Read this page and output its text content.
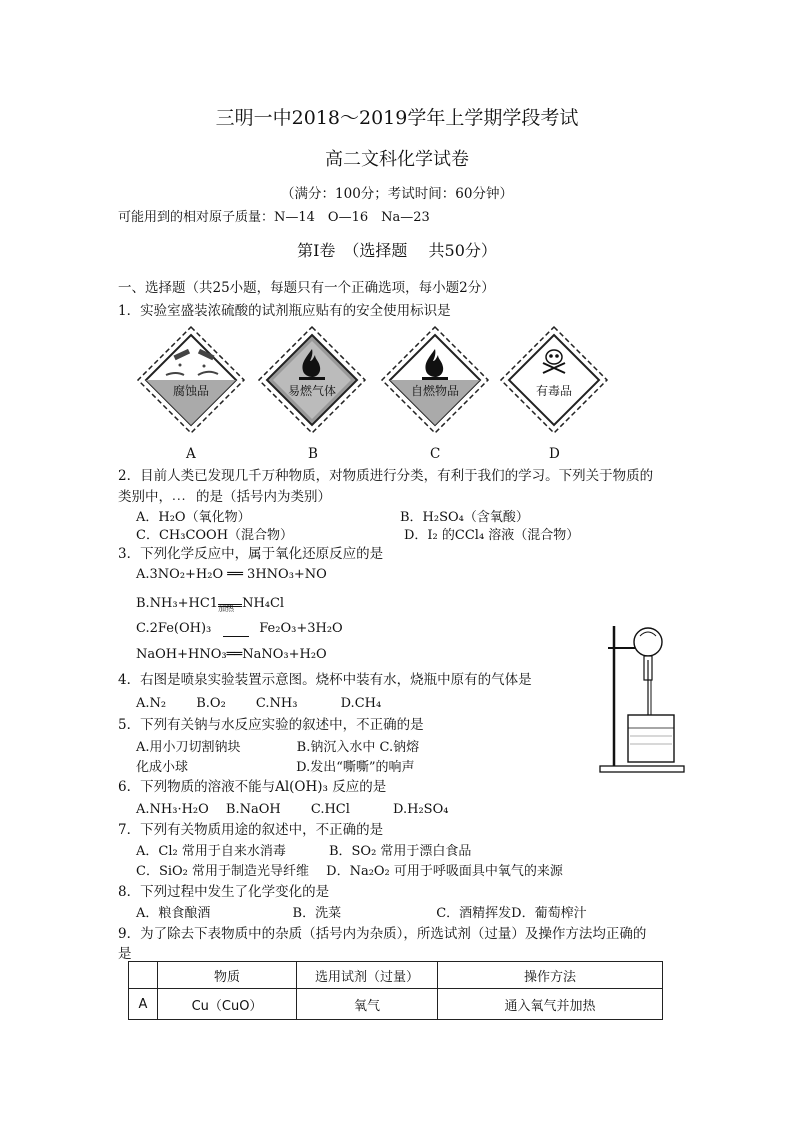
三明一中2018～2019学年上学期学段考试
高二文科化学试卷
（满分：100分；考试时间：60分钟）
可能用到的相对原子质量：N—14　O—16　Na—23
第Ⅰ卷　（选择题　 共50分）
一、选择题（共25小题，每题只有一个正确选项，每小题2分）
1．实验室盛装浓硫酸的试剂瓶应贴有的安全使用标识是
腐蚀品	易燃气体	自燃物品	有毒品
A	B	C	D
2．目前人类已发现几千万种物质，对物质进行分类，有利于我们的学习。下列关于物质的
类别中， 的是（括号内为类别）
A．H₂O（氧化物）	B．H₂SO₄（含氧酸）
C．CH₃COOH（混合物）	D．I₂ 的CCl₄ 溶液（混合物）
3．下列化学反应中，属于氧化还原反应的是
A.3NO₂+H₂O ══ 3HNO₃+NO
B.NH₃+HC1 加热 NH₄Cl
C.2Fe(OH)₃	Fe₂O₃+3H₂O
NaOH+HNO₃══NaNO₃+H₂O
4．右图是喷泉实验装置示意图。烧杯中装有水，烧瓶中原有的气体是
A.N₂　　 B.O₂　　 C.NH₃　　　 D.CH₄
5．下列有关钠与水反应实验的叙述中，不正确的是
A.用小刀切割钠块　　　　 B.钠沉入水中 C.钠熔
化成小球　　　　　　　　 D.发出“嘶嘶”的响声
6．下列物质的溶液不能与Al(OH)₃ 反应的是
A.NH₃·H₂O　 B.NaOH　 　C.HCl　　　 D.H₂SO₄
7．下列有关物质用途的叙述中，不正确的是
A．Cl₂ 常用于自来水消毒　　　 B．SO₂ 常用于漂白食品
C．SiO₂ 常用于制造光导纤维　 D．Na₂O₂ 可用于呼吸面具中氧气的来源
8．下列过程中发生了化学变化的是
A．粮食酿酒　　　　　　 B．洗菜　　　　　　　 C．酒精挥发D．葡萄榨汁
9．为了除去下表物质中的杂质（括号内为杂质），所选试剂（过量）及操作方法均正确的
是
	物质	选用试剂（过量）	操作方法
A	Cu（CuO）	氧气	通入氧气并加热
